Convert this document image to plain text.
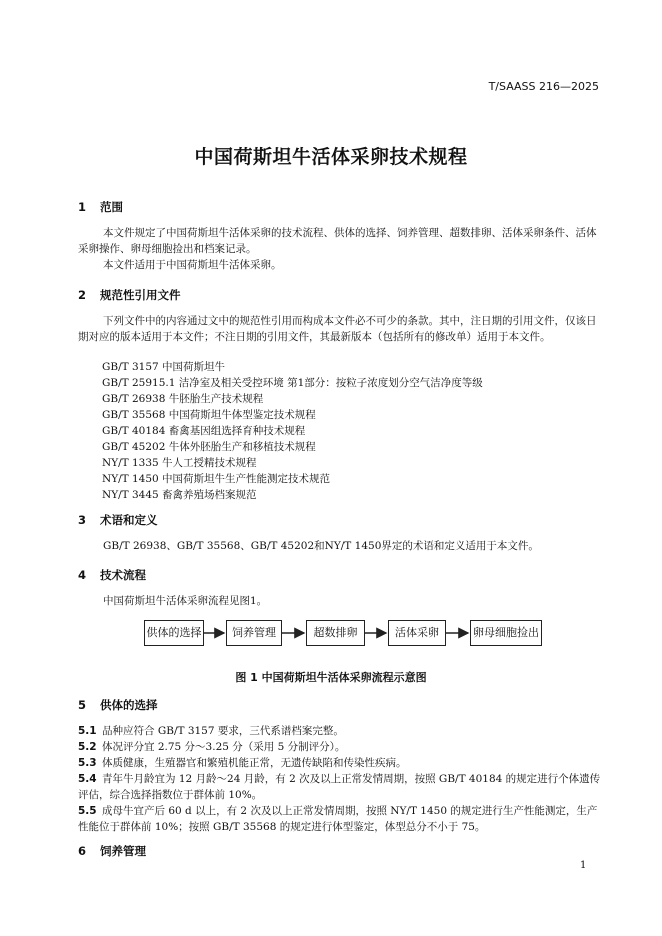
T/SAASS 216—2025
中国荷斯坦牛活体采卵技术规程
1 范围
本文件规定了中国荷斯坦牛活体采卵的技术流程、供体的选择、饲养管理、超数排卵、活体采卵条件、活体采卵操作、卵母细胞捡出和档案记录。
本文件适用于中国荷斯坦牛活体采卵。
2 规范性引用文件
下列文件中的内容通过文中的规范性引用而构成本文件必不可少的条款。其中，注日期的引用文件，仅该日期对应的版本适用于本文件；不注日期的引用文件，其最新版本（包括所有的修改单）适用于本文件。
GB/T 3157 中国荷斯坦牛
GB/T 25915.1 洁净室及相关受控环境 第1部分：按粒子浓度划分空气洁净度等级
GB/T 26938 牛胚胎生产技术规程
GB/T 35568 中国荷斯坦牛体型鉴定技术规程
GB/T 40184 畜禽基因组选择育种技术规程
GB/T 45202 牛体外胚胎生产和移植技术规程
NY/T 1335 牛人工授精技术规程
NY/T 1450 中国荷斯坦牛生产性能测定技术规范
NY/T 3445 畜禽养殖场档案规范
3 术语和定义
GB/T 26938、GB/T 35568、GB/T 45202和NY/T 1450界定的术语和定义适用于本文件。
4 技术流程
中国荷斯坦牛活体采卵流程见图1。
供体的选择	饲养管理	超数排卵	活体采卵	卵母细胞捡出
图 1 中国荷斯坦牛活体采卵流程示意图
5 供体的选择
5.1 品种应符合 GB/T 3157 要求，三代系谱档案完整。
5.2 体况评分宜 2.75 分～3.25 分（采用 5 分制评分）。
5.3 体质健康，生殖器官和繁殖机能正常，无遗传缺陷和传染性疾病。
5.4 青年牛月龄宜为 12 月龄～24 月龄，有 2 次及以上正常发情周期，按照 GB/T 40184 的规定进行个体遗传评估，综合选择指数位于群体前 10%。
5.5 成母牛宜产后 60 d 以上，有 2 次及以上正常发情周期，按照 NY/T 1450 的规定进行生产性能测定，生产性能位于群体前 10%；按照 GB/T 35568 的规定进行体型鉴定，体型总分不小于 75。
6 饲养管理
1
